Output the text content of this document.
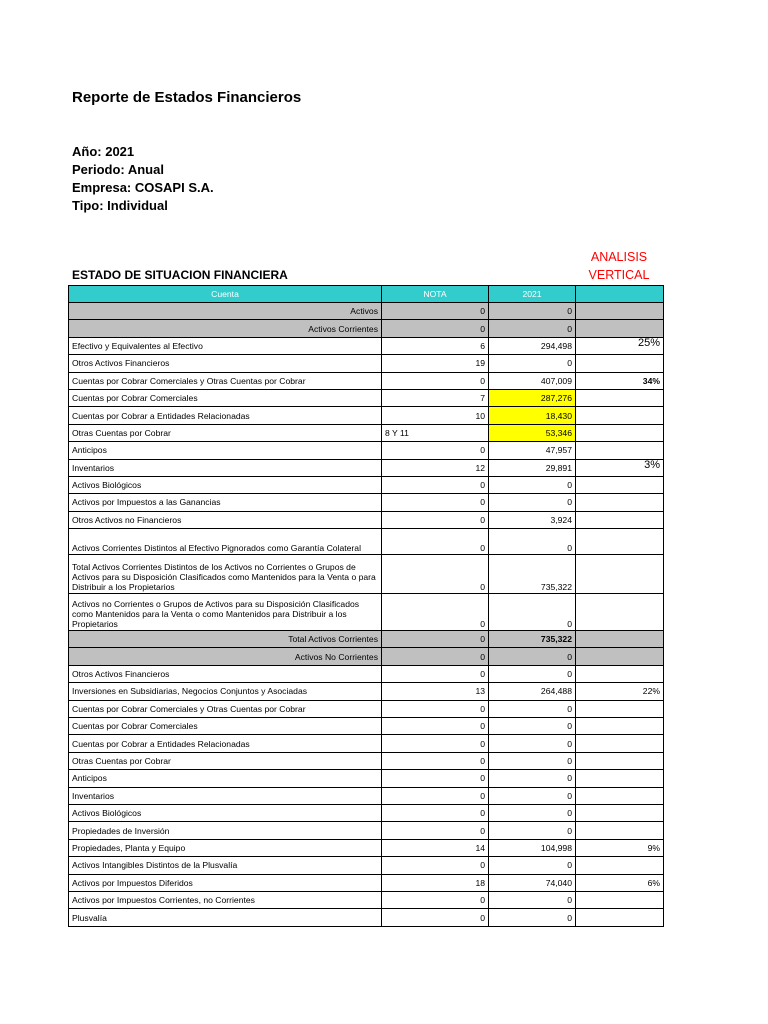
Reporte de Estados Financieros
Año: 2021
Periodo: Anual
Empresa: COSAPI S.A.
Tipo: Individual
ANALISIS
VERTICAL
ESTADO DE SITUACION FINANCIERA
Cuenta	NOTA	2021	
Activos	0	0	
Activos Corrientes	0	0	
Efectivo y Equivalentes al Efectivo	6	294,498	25%
Otros Activos Financieros	19	0	
Cuentas por Cobrar Comerciales y Otras Cuentas por Cobrar	0	407,009	34%
Cuentas por Cobrar Comerciales	7	287,276	
Cuentas por Cobrar a Entidades Relacionadas	10	18,430	
Otras Cuentas por Cobrar	8 Y 11	53,346	
Anticipos	0	47,957	
Inventarios	12	29,891	3%
Activos Biológicos	0	0	
Activos por Impuestos a las Ganancias	0	0	
Otros Activos no Financieros	0	3,924	
Activos Corrientes Distintos al Efectivo Pignorados como Garantía Colateral	0	0	
Total Activos Corrientes Distintos de los Activos no Corrientes o Grupos de Activos para su Disposición Clasificados como Mantenidos para la Venta o para Distribuir a los Propietarios	0	735,322	
Activos no Corrientes o Grupos de Activos para su Disposición Clasificados como Mantenidos para la Venta o como Mantenidos para Distribuir a los Propietarios	0	0	
Total Activos Corrientes	0	735,322	
Activos No Corrientes	0	0	
Otros Activos Financieros	0	0	
Inversiones en Subsidiarias, Negocios Conjuntos y Asociadas	13	264,488	22%
Cuentas por Cobrar Comerciales y Otras Cuentas por Cobrar	0	0	
Cuentas por Cobrar Comerciales	0	0	
Cuentas por Cobrar a Entidades Relacionadas	0	0	
Otras Cuentas por Cobrar	0	0	
Anticipos	0	0	
Inventarios	0	0	
Activos Biológicos	0	0	
Propiedades de Inversión	0	0	
Propiedades, Planta y Equipo	14	104,998	9%
Activos Intangibles Distintos de la Plusvalía	0	0	
Activos por Impuestos Diferidos	18	74,040	6%
Activos por Impuestos Corrientes, no Corrientes	0	0	
Plusvalía	0	0	
